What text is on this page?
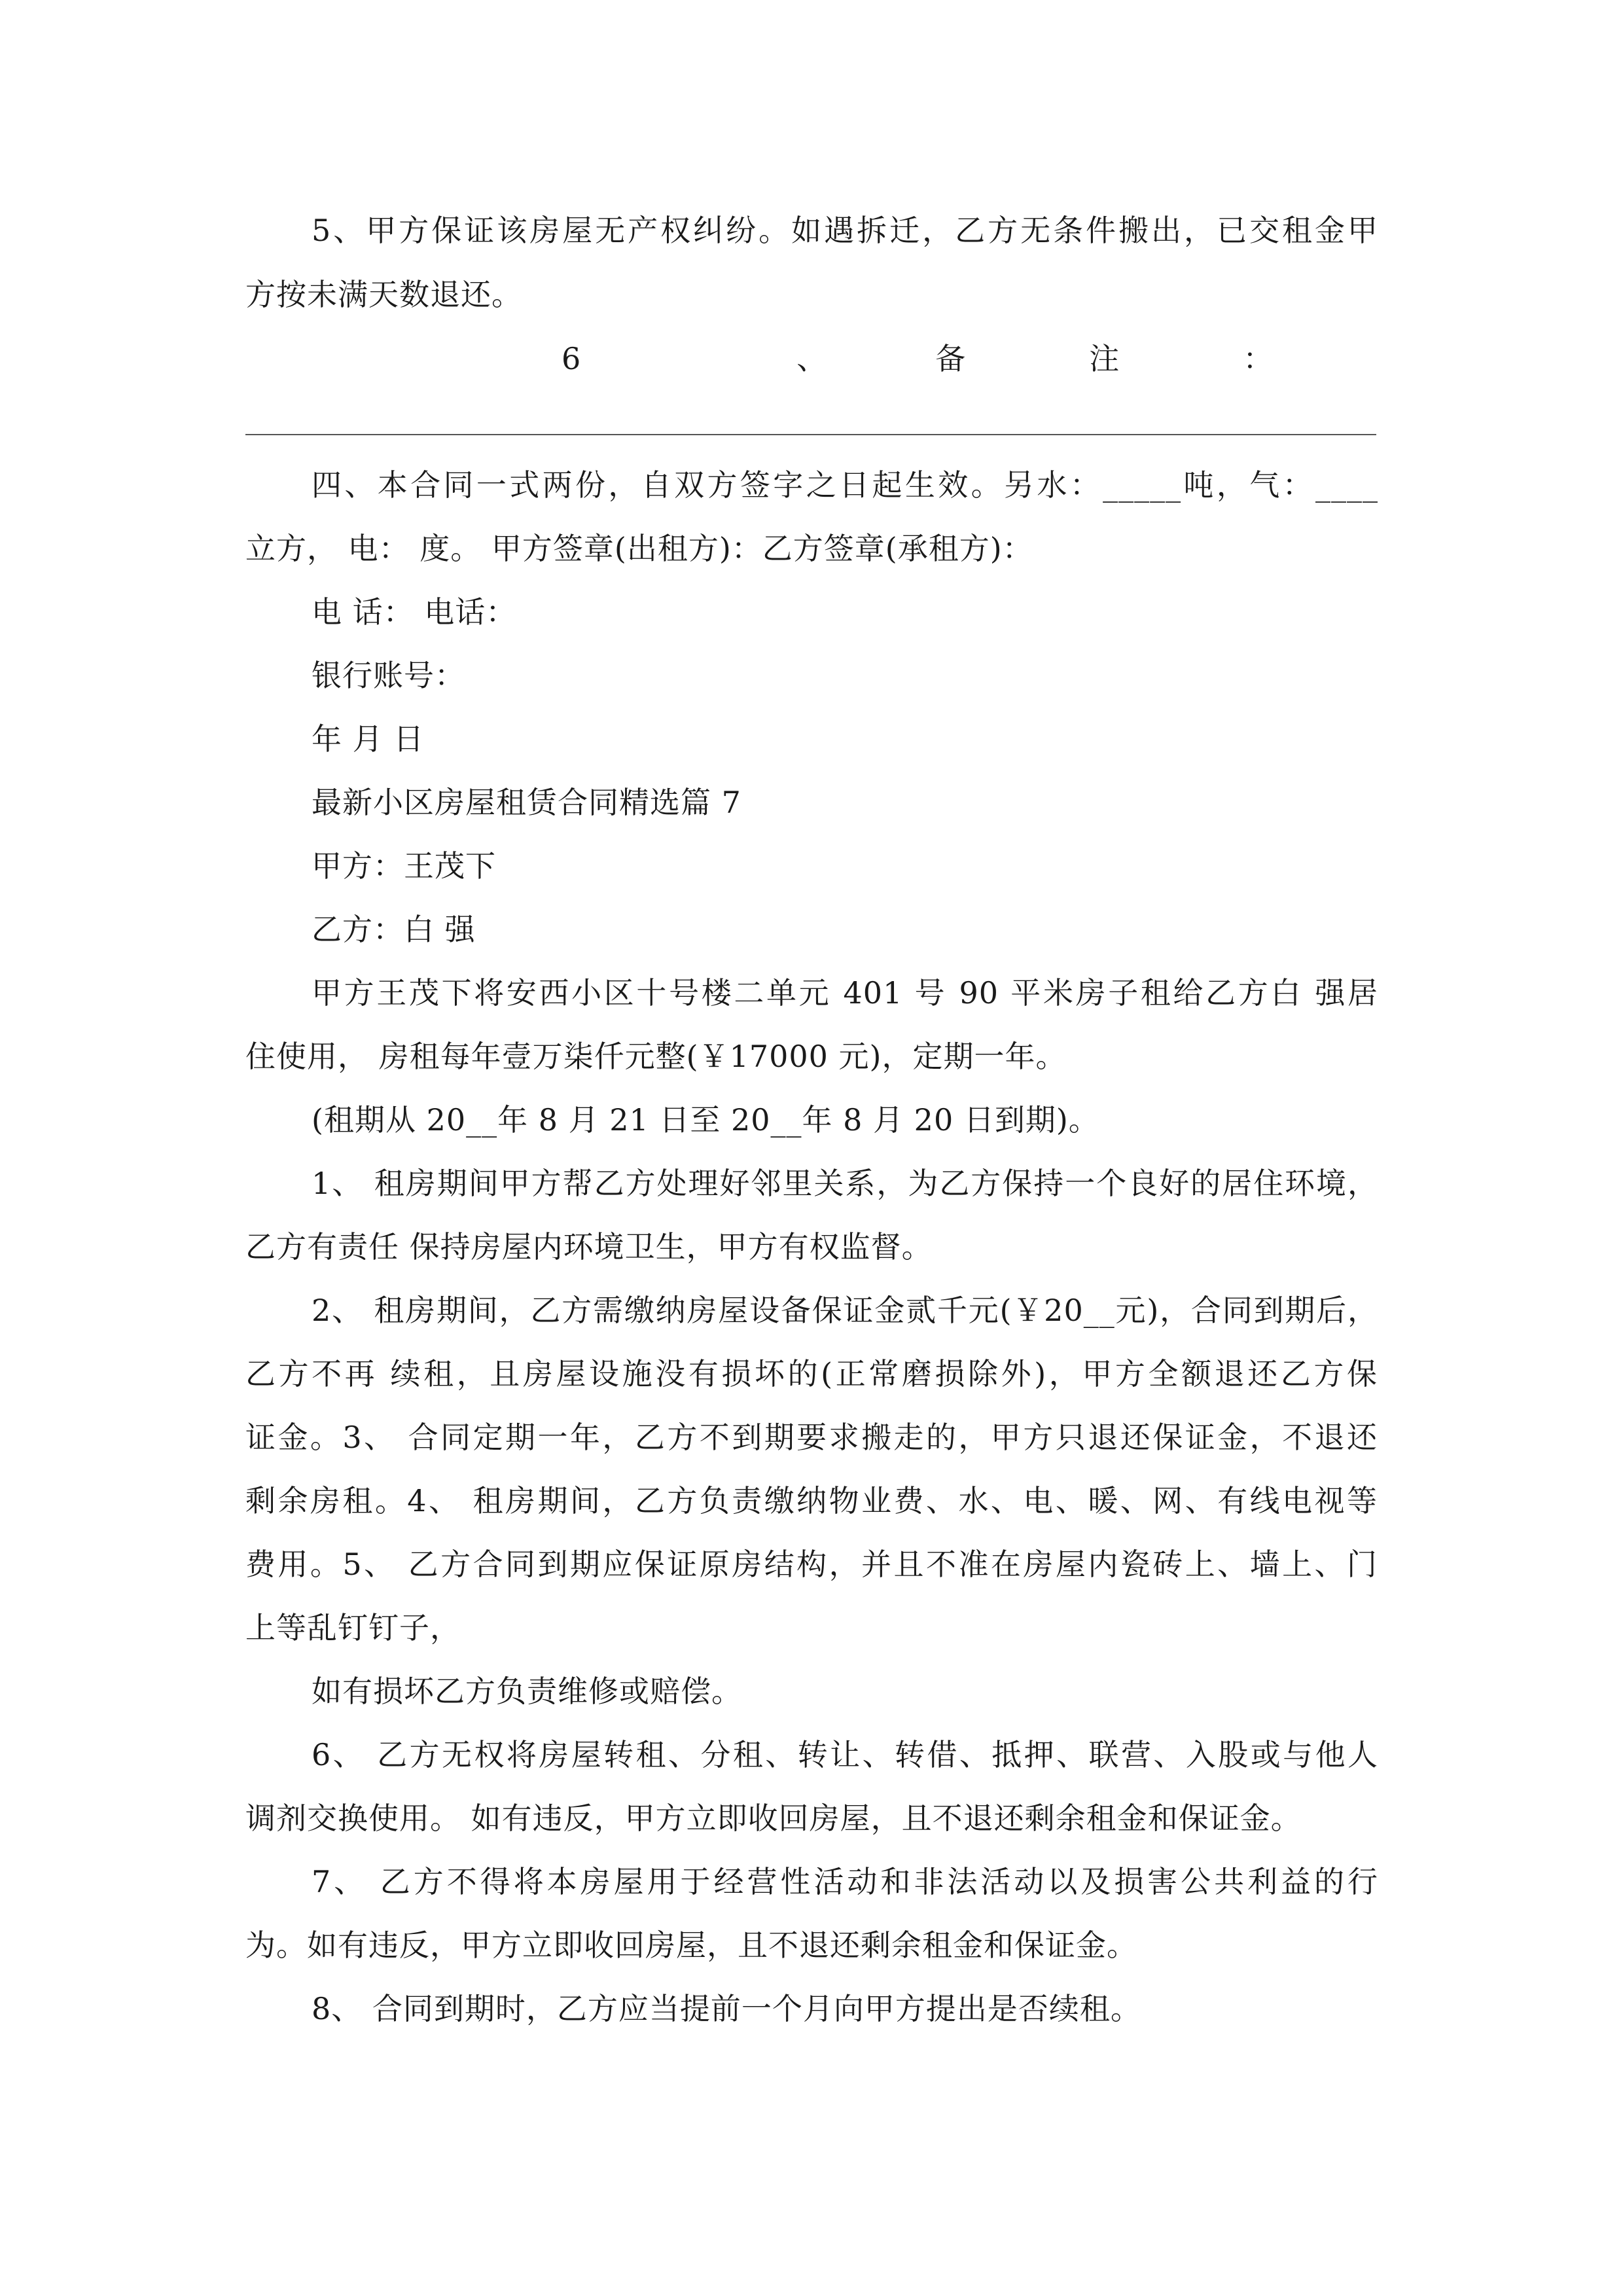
5、甲方保证该房屋无产权纠纷。如遇拆迁，乙方无条件搬出，已交租金甲
方按未满天数退还。
6　　　　　　　、　　　　备　　　　注　　　　：
四、本合同一式两份，自双方签字之日起生效。另水：_____吨，气：____
立方， 电： 度。 甲方签章(出租方)：乙方签章(承租方)：
电 话： 电话：
银行账号：
年 月 日
最新小区房屋租赁合同精选篇 7
甲方：王茂下
乙方：白 强
甲方王茂下将安西小区十号楼二单元 401 号 90 平米房子租给乙方白 强居
住使用， 房租每年壹万柒仟元整(￥17000 元)，定期一年。
(租期从 20__年 8 月 21 日至 20__年 8 月 20 日到期)。
1、 租房期间甲方帮乙方处理好邻里关系，为乙方保持一个良好的居住环境，
乙方有责任 保持房屋内环境卫生，甲方有权监督。
2、 租房期间，乙方需缴纳房屋设备保证金贰千元(￥20__元)，合同到期后，
乙方不再 续租，且房屋设施没有损坏的(正常磨损除外)，甲方全额退还乙方保
证金。3、 合同定期一年，乙方不到期要求搬走的，甲方只退还保证金，不退还
剩余房租。4、 租房期间，乙方负责缴纳物业费、水、电、暖、网、有线电视等
费用。5、 乙方合同到期应保证原房结构，并且不准在房屋内瓷砖上、墙上、门
上等乱钉钉子，
如有损坏乙方负责维修或赔偿。
6、 乙方无权将房屋转租、分租、转让、转借、抵押、联营、入股或与他人
调剂交换使用。 如有违反，甲方立即收回房屋，且不退还剩余租金和保证金。
7、 乙方不得将本房屋用于经营性活动和非法活动以及损害公共利益的行
为。如有违反，甲方立即收回房屋，且不退还剩余租金和保证金。
8、 合同到期时，乙方应当提前一个月向甲方提出是否续租。
